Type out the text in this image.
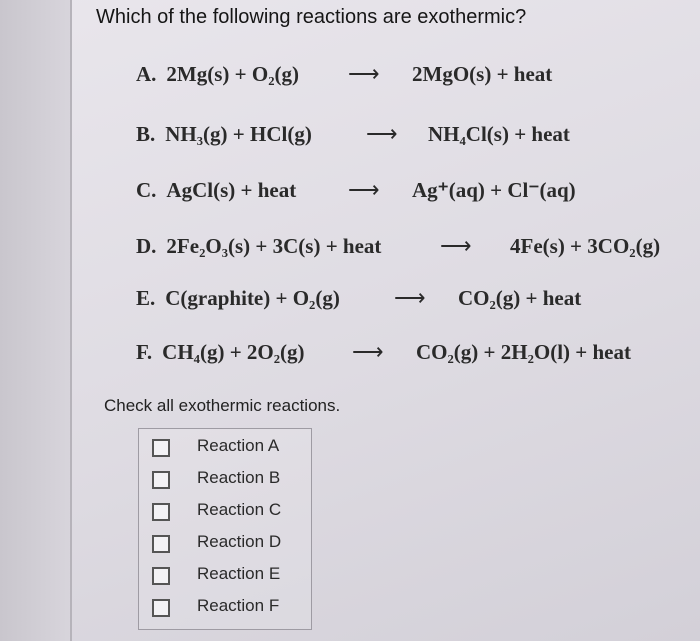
Which of the following reactions are exothermic?
A. 2Mg(s) + O₂(g) ⟶ 2MgO(s) + heat
B. NH₃(g) + HCl(g) ⟶ NH₄Cl(s) + heat
C. AgCl(s) + heat ⟶ Ag⁺(aq) + Cl⁻(aq)
D. 2Fe₂O₃(s) + 3C(s) + heat	⟶ 4Fe(s) + 3CO₂(g)
E. C(graphite) + O₂(g) ⟶ CO₂(g) + heat
F. CH₄(g) + 2O₂(g) ⟶ CO₂(g) + 2H₂O(l) + heat
Check all exothermic reactions.
Reaction A
Reaction B
Reaction C
Reaction D
Reaction E
Reaction F
